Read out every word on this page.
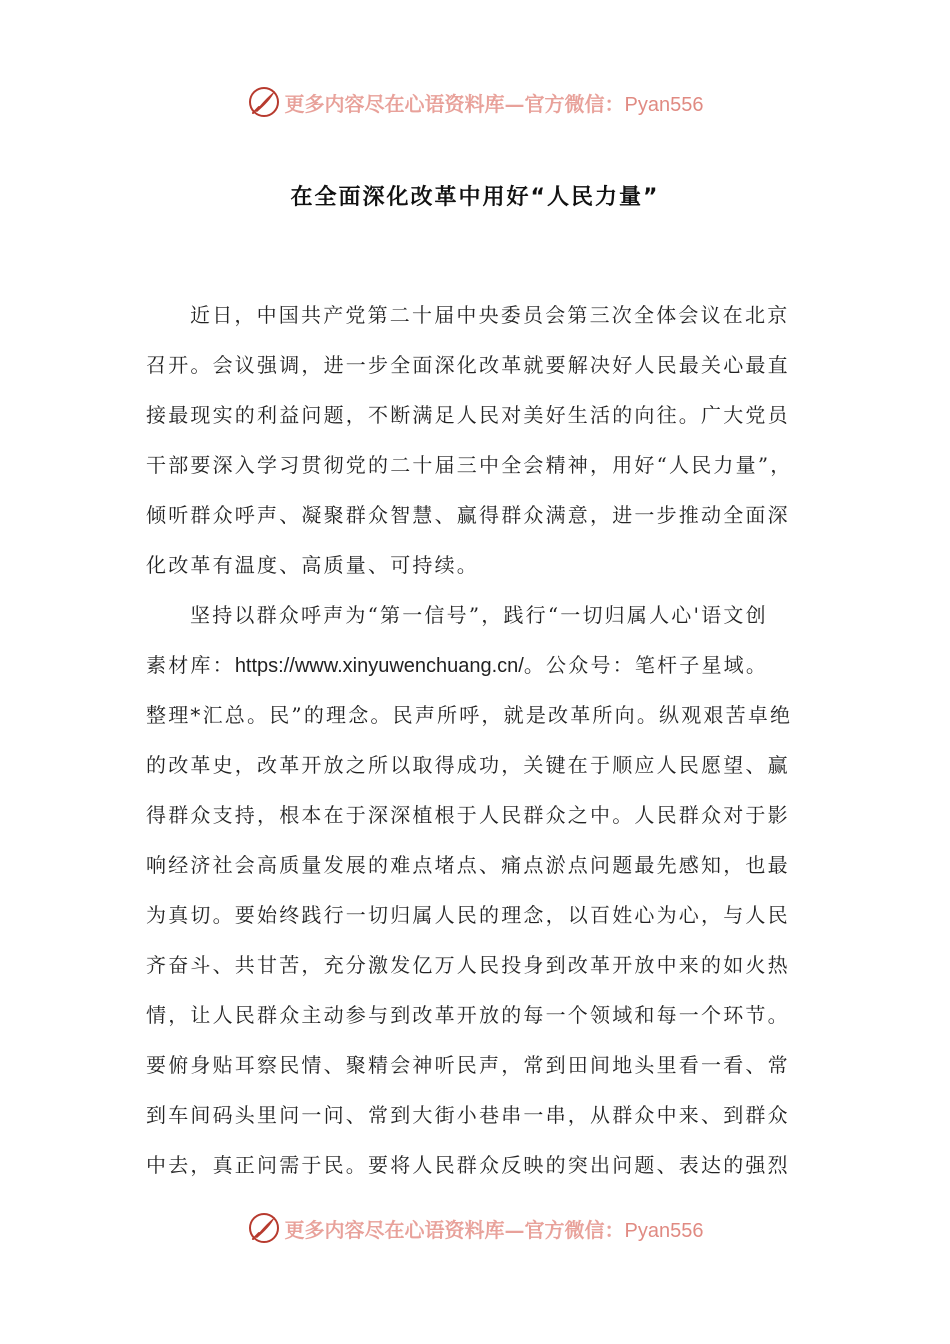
更多内容尽在心语资料库—官方微信：Pyan556
在全面深化改革中用好“人民力量”
近日，中国共产党第二十届中央委员会第三次全体会议在北京
召开。会议强调，进一步全面深化改革就要解决好人民最关心最直
接最现实的利益问题，不断满足人民对美好生活的向往。广大党员
干部要深入学习贯彻党的二十届三中全会精神，用好“人民力量”，
倾听群众呼声、凝聚群众智慧、赢得群众满意，进一步推动全面深
化改革有温度、高质量、可持续。
坚持以群众呼声为“第一信号”，践行“一切归属人心'语文创
素材库：https://www.xinyuwenchuang.cn/。公众号：笔杆子星域。
整理*汇总。民”的理念。民声所呼，就是改革所向。纵观艰苦卓绝
的改革史，改革开放之所以取得成功，关键在于顺应人民愿望、赢
得群众支持，根本在于深深植根于人民群众之中。人民群众对于影
响经济社会高质量发展的难点堵点、痛点淤点问题最先感知，也最
为真切。要始终践行一切归属人民的理念，以百姓心为心，与人民
齐奋斗、共甘苦，充分激发亿万人民投身到改革开放中来的如火热
情，让人民群众主动参与到改革开放的每一个领域和每一个环节。
要俯身贴耳察民情、聚精会神听民声，常到田间地头里看一看、常
到车间码头里问一问、常到大街小巷串一串，从群众中来、到群众
中去，真正问需于民。要将人民群众反映的突出问题、表达的强烈
更多内容尽在心语资料库—官方微信：Pyan556
